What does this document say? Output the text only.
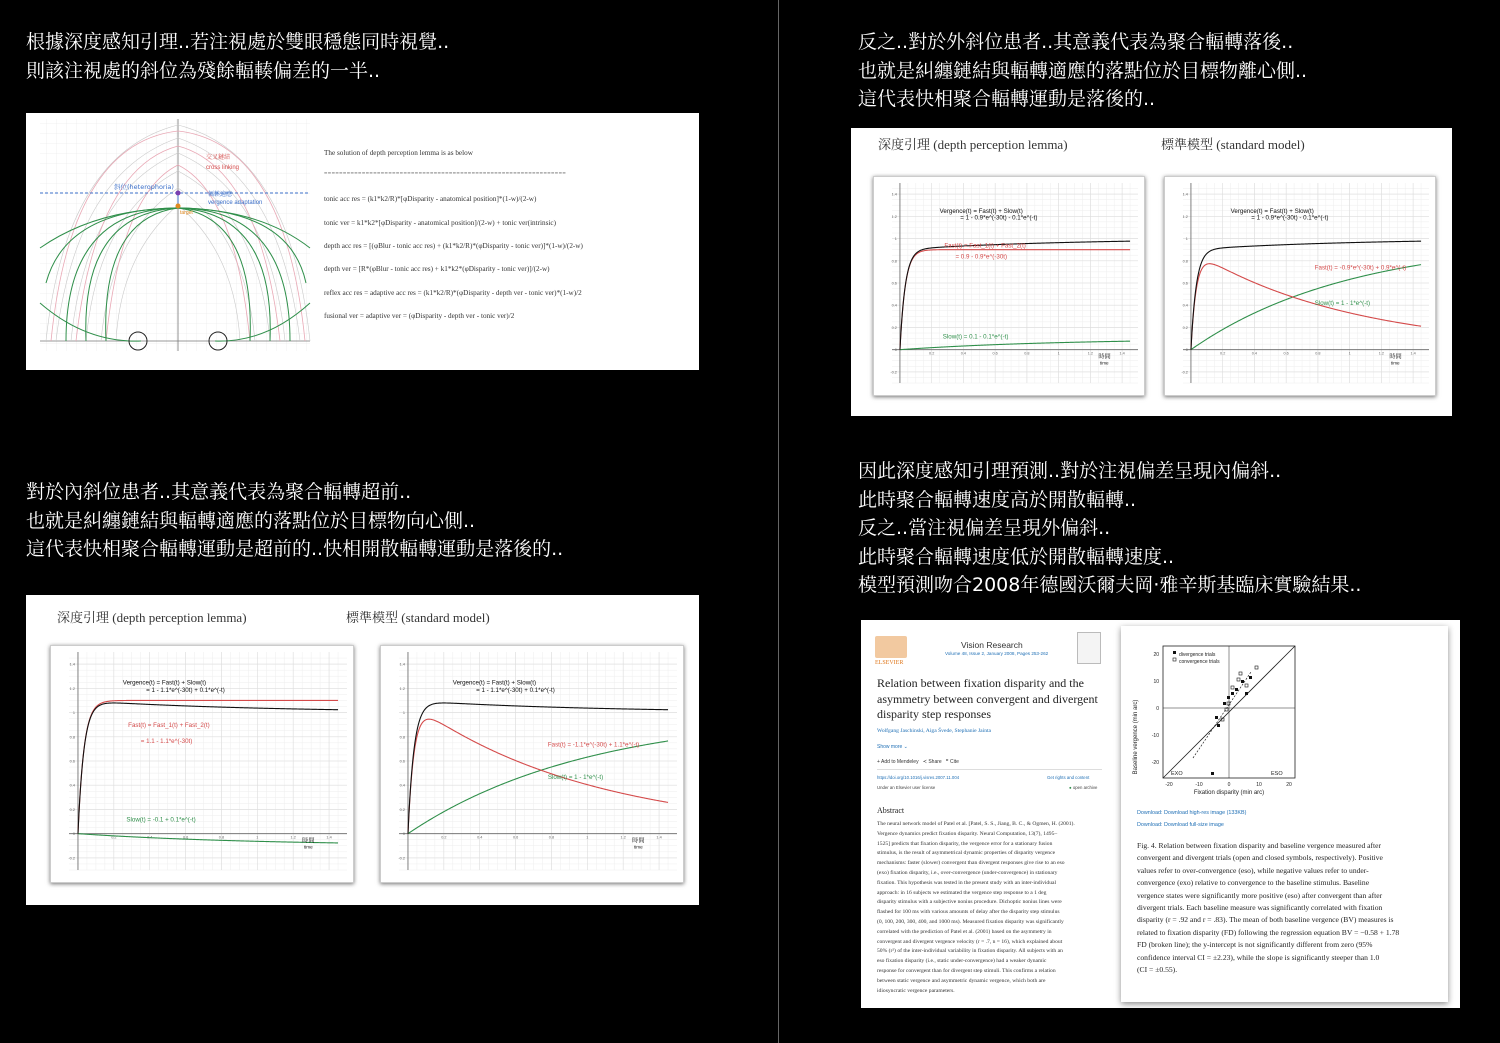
根據深度感知引理..若注視處於雙眼穩態同時視覺..
則該注視處的斜位為殘餘輻輳偏差的一半..
交叉鏈結
cross linking
斜位(heterophoria)
輻輳適應
vergence adaptation
target
The solution of depth perception lemma is as below
================================================================
tonic acc res = (k1*k2/R)*[φDisparity - anatomical position]*(1-w)/(2-w)
tonic ver = k1*k2*[φDisparity - anatomical position]/(2-w) + tonic ver(intrinsic)
depth acc res = [(φBlur - tonic acc res) + (k1*k2/R)*(φDisparity - tonic ver)]*(1-w)/(2-w)
depth ver = [R*(φBlur - tonic acc res) + k1*k2*(φDisparity - tonic ver)]/(2-w)
reflex acc res = adaptive acc res = (k1*k2/R)*(φDisparity - depth ver - tonic ver)*(1-w)/2
fusional ver = adaptive ver = (φDisparity - depth ver - tonic ver)/2
反之..對於外斜位患者..其意義代表為聚合輻轉落後..
也就是糾纏鏈結與輻轉適應的落點位於目標物離心側..
這代表快相聚合輻轉運動是落後的..
深度引理 (depth perception lemma)	標準模型 (standard model)
1.4
1.2
1
0.8
0.6
0.4
0.2
0
-0.2
0.2	0.4	0.6	0.8	1	1.2	1.4
Vergence(t) = Fast(t) + Slow(t)
= 1 - 0.9*e^(-30t) - 0.1*e^(-t)
Fast(t) = Fast_1(t) + Fast_2(t)
= 0.9 - 0.9*e^(-30t)
Slow(t) = 0.1 - 0.1*e^(-t)
時間
time
1.4
1.2
1
0.8
0.6
0.4
0.2
0
-0.2
0.2	0.4	0.6	0.8	1	1.2	1.4
Vergence(t) = Fast(t) + Slow(t)
= 1 - 0.9*e^(-30t) - 0.1*e^(-t)
Fast(t) = -0.9*e^(-30t) + 0.9*e^(-t)
Slow(t) = 1 - 1*e^(-t)
時間
time
對於內斜位患者..其意義代表為聚合輻轉超前..
也就是糾纏鏈結與輻轉適應的落點位於目標物向心側..
這代表快相聚合輻轉運動是超前的..快相開散輻轉運動是落後的..
深度引理 (depth perception lemma)	標準模型 (standard model)
1.4
1.2
1
0.8
0.6
0.4
0.2
0
-0.2
0.2	0.4	0.6	0.8	1	1.2	1.4
Vergence(t) = Fast(t) + Slow(t)
= 1 - 1.1*e^(-30t) + 0.1*e^(-t)
Fast(t) = Fast_1(t) + Fast_2(t)
= 1.1 - 1.1*e^(-30t)
Slow(t) = -0.1 + 0.1*e^(-t)
時間
time
1.4
1.2
1
0.8
0.6
0.4
0.2
0
-0.2
0.2	0.4	0.6	0.8	1	1.2	1.4
Vergence(t) = Fast(t) + Slow(t)
= 1 - 1.1*e^(-30t) + 0.1*e^(-t)
Fast(t) = -1.1*e^(-30t) + 1.1*e^(-t)
Slow(t) = 1 - 1*e^(-t)
時間
time
因此深度感知引理預測..對於注視偏差呈現內偏斜..
此時聚合輻轉速度高於開散輻轉..
反之..當注視偏差呈現外偏斜..
此時聚合輻轉速度低於開散輻轉速度..
模型預測吻合2008年德國沃爾夫岡·雅辛斯基臨床實驗結果..
ELSEVIER
Vision Research
Volume 48, Issue 2, January 2008, Pages 253-262
Relation between fixation disparity and the asymmetry between convergent and divergent disparity step responses
Wolfgang Jaschinski, Aiga Švede, Stephanie Jainta
Show more ⌄
+ Add to Mendeley ≺ Share ❞ Cite
https://doi.org/10.1016/j.visres.2007.11.004	Get rights and content
Under an Elsevier user license	● open archive
Abstract
The neural network model of Patel et al. [Patel, S. S., Jiang, B. C., & Ogmen, H. (2001).
Vergence dynamics predict fixation disparity. Neural Computation, 13(7), 1495–
1525] predicts that fixation disparity, the vergence error for a stationary fusion
stimulus, is the result of asymmetrical dynamic properties of disparity vergence
mechanisms: faster (slower) convergent than divergent responses give rise to an eso
(exo) fixation disparity, i.e., over-convergence (under-convergence) in stationary
fixation. This hypothesis was tested in the present study with an inter-individual
approach: in 16 subjects we estimated the vergence step response to a 1 deg
disparity stimulus with a subjective nonius procedure. Dichoptic nonius lines were
flashed for 100 ms with various amounts of delay after the disparity step stimulus
(0, 100, 200, 300, 400, and 1000 ms). Measured fixation disparity was significantly
correlated with the prediction of Patel et al. (2001) based on the asymmetry in
convergent and divergent vergence velocity (r = .7, n = 16), which explained about
50% (r²) of the inter-individual variability in fixation disparity. All subjects with an
eso fixation disparity (i.e., static under-convergence) had a weaker dynamic
response for convergent than for divergent step stimuli. This confirms a relation
between static vergence and asymmetric dynamic vergence, which both are
idiosyncratic vergence parameters.
Baseline vergence (min arc)
Fixation disparity (min arc)
20
10
0
-10
-20
-20	-10	0	10	20
EXO	ESO
divergence trials
convergence trials
Download: Download high-res image (133KB)
Download: Download full-size image
Fig. 4. Relation between fixation disparity and baseline vergence measured after
convergent and divergent trials (open and closed symbols, respectively). Positive
values refer to over-convergence (eso), while negative values refer to under-
convergence (exo) relative to convergence to the baseline stimulus. Baseline
vergence states were significantly more positive (eso) after convergent than after
divergent trials. Each baseline measure was significantly correlated with fixation
disparity (r = .92 and r = .83). The mean of both baseline vergence (BV) measures is
related to fixation disparity (FD) following the regression equation BV = −0.58 + 1.78
FD (broken line); the y-intercept is not significantly different from zero (95%
confidence interval CI = ±2.23), while the slope is significantly steeper than 1.0
(CI = ±0.55).
